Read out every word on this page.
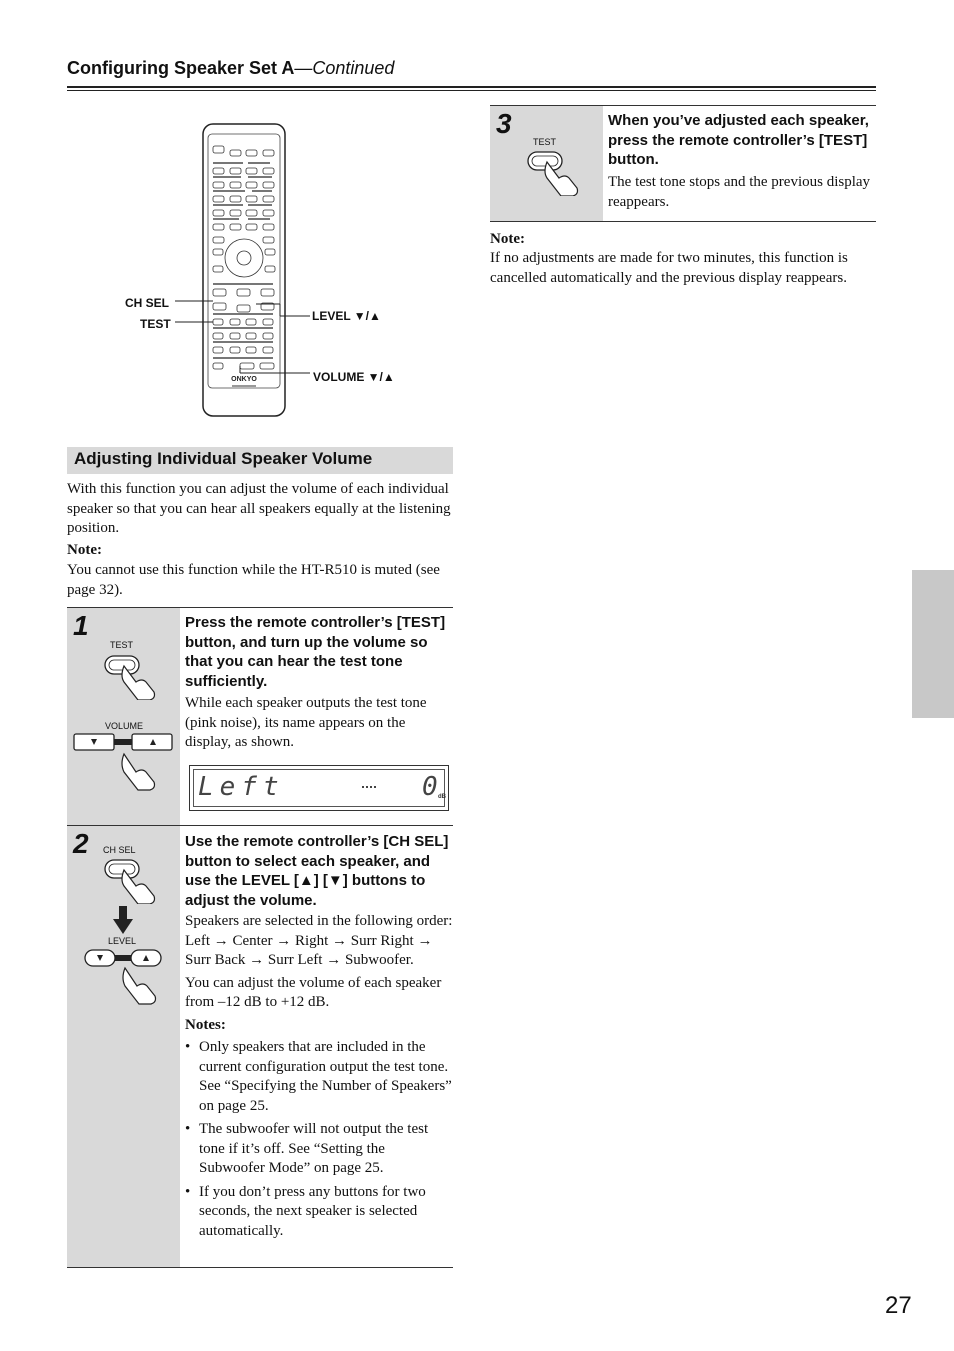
Configuring Speaker Set A—Continued
ONKYO
CH SEL
TEST
LEVEL ▼/▲
VOLUME ▼/▲
Adjusting Individual Speaker Volume
With this function you can adjust the volume of each individual speaker so that you can hear all speakers equally at the listening position.
Note:
You cannot use this function while the HT-R510 is muted (see page 32).
1
TEST
VOLUME
Press the remote controller’s [TEST] button, and turn up the volume so that you can hear the test tone sufficiently.
While each speaker outputs the test tone (pink noise), its name appears on the display, as shown.
Left	0 dB
2 CH SEL
LEVEL
Use the remote controller’s [CH SEL] button to select each speaker, and use the LEVEL [▲] [▼] buttons to adjust the volume.

Speakers are selected in the following order: Left → Center → Right → Surr Right → Surr Back → Surr Left → Subwoofer.

You can adjust the volume of each speaker from –12 dB to +12 dB.

Notes:

• Only speakers that are included in the current configuration output the test tone. See “Specifying the Number of Speakers” on page 25.
• The subwoofer will not output the test tone if it’s off. See “Setting the Subwoofer Mode” on page 25.
• If you don’t press any buttons for two seconds, the next speaker is selected automatically.
3
TEST
When you’ve adjusted each speaker, press the remote controller’s [TEST] button.
The test tone stops and the previous display reappears.
Note:
If no adjustments are made for two minutes, this function is cancelled automatically and the previous display reappears.
27
